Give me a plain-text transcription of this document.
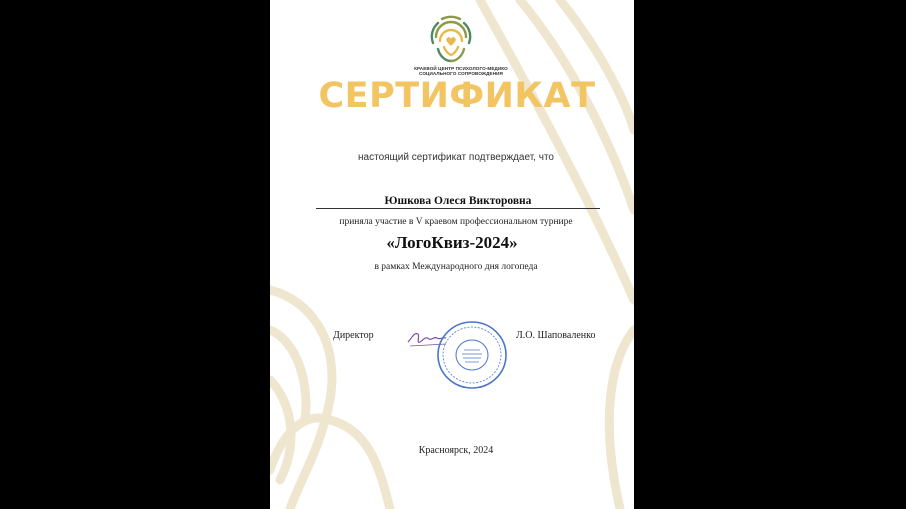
КРАЕВОЙ ЦЕНТР ПСИХОЛОГО-МЕДИКО
СОЦИАЛЬНОГО СОПРОВОЖДЕНИЯ
СЕРТИФИКАТ
настоящий сертификат подтверждает, что
Юшкова Олеся Викторовна
приняла участие в V краевом профессиональном турнире
«ЛогоКвиз-2024»
в рамках Международного дня логопеда
Директор	Л.О. Шаповаленко
Красноярск, 2024
